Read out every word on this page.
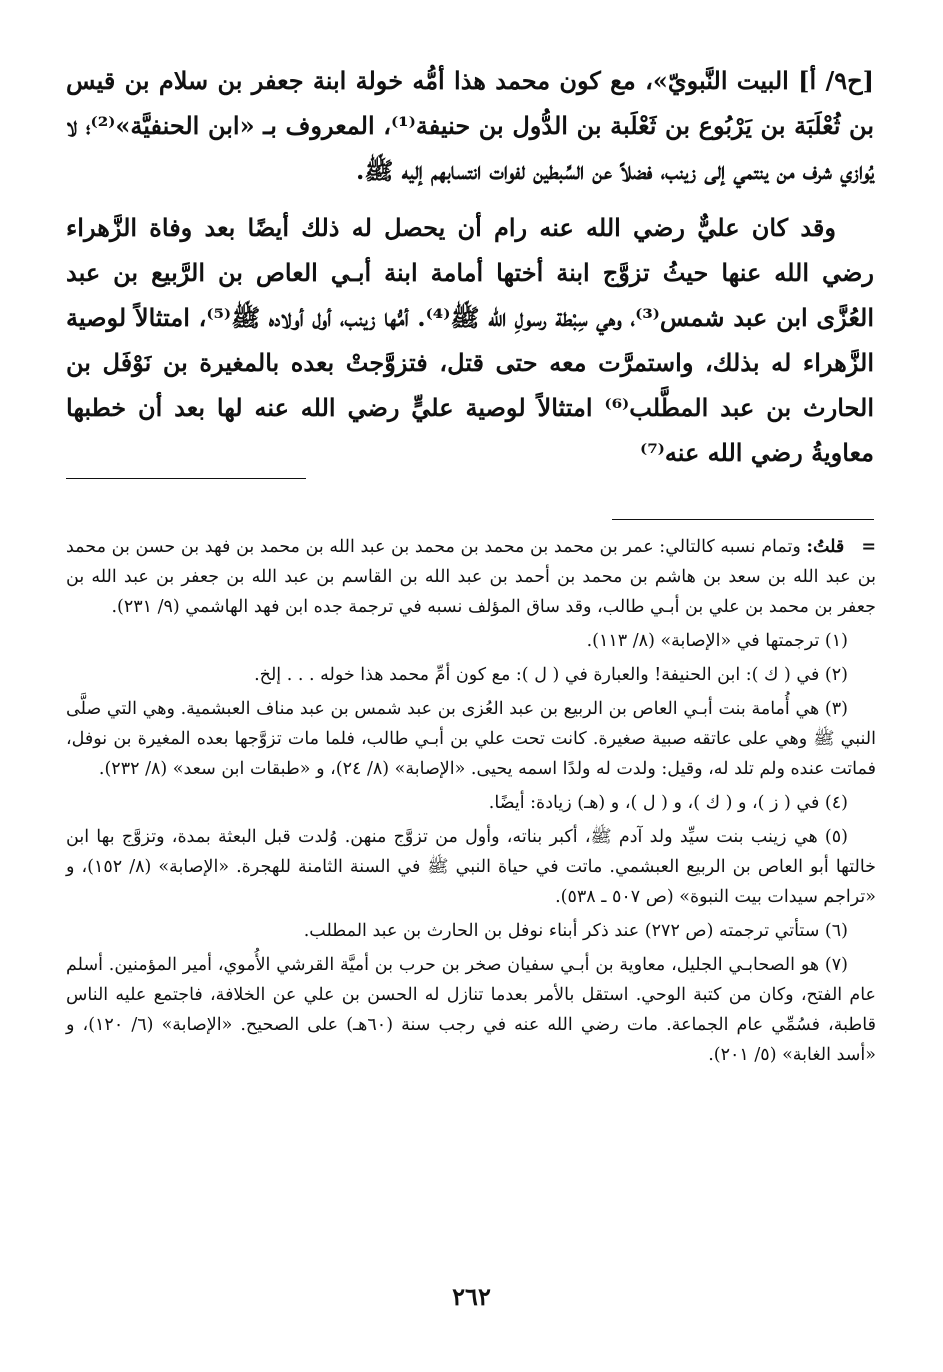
[ح٩/ أ] البيت النَّبويّ»، مع كون محمد هذا أمُّه خولة ابنة جعفر بن سلام بن قيس بن ثُعْلَبَة بن يَرْبُوع بن ثَعْلَبة بن الدُّول بن حنيفة⁽¹⁾، المعروف بـ «ابن الحنفيَّة»⁽²⁾؛ لا يُوازي شرف من ينتمي إلى زينب، فضلاً عن السِّبطين لفوات انتسابهم إليه ﷺ.

وقد كان عليٌّ رضي الله عنه رام أن يحصل له ذلك أيضًا بعد وفاة الزَّهراء رضي الله عنها حيثُ تزوَّج ابنة أختها أمامة ابنة أبـي العاص بن الرَّبيع بن عبد العُزَّى ابن عبد شمس⁽³⁾، وهي سِبْطة رسولِ الله ﷺ⁽⁴⁾. أمُّها زينب، أول أولاده ﷺ⁽⁵⁾، امتثالاً لوصية الزَّهراء له بذلك، واستمرَّت معه حتى قتل، فتزوَّجتْ بعده بالمغيرة بن نَوْفَل بن الحارث بن عبد المطَّلب⁽⁶⁾ امتثالاً لوصية عليٍّ رضي الله عنه لها بعد أن خطبها معاويةُ رضي الله عنه⁽⁷⁾

=   قلتُ: وتمام نسبه كالتالي: عمر بن محمد بن محمد بن محمد بن عبد الله بن محمد بن فهد بن حسن بن محمد بن عبد الله بن سعد بن هاشم بن محمد بن أحمد بن عبد الله بن القاسم بن عبد الله بن جعفر بن عبد الله بن جعفر بن محمد بن علي بن أبـي طالب، وقد ساق المؤلف نسبه في ترجمة جده ابن فهد الهاشمي (٩/ ٢٣١).

(١) ترجمتها في «الإصابة» (٨/ ١١٣).

(٢) في ( ك ): ابن الحنيفة! والعبارة في ( ل ): مع كون أمِّ محمد هذا خوله . . . إلخ.

(٣) هي أُمامة بنت أبـي العاص بن الربيع بن عبد العُزى بن عبد شمس بن عبد مناف العبشمية. وهي التي صلَّى النبي ﷺ وهي على عاتقه صبية صغيرة. كانت تحت علي بن أبـي طالب، فلما مات تزوَّجها بعده المغيرة بن نوفل، فماتت عنده ولم تلد له، وقيل: ولدت له ولدًا اسمه يحيى. «الإصابة» (٨/ ٢٤)، و «طبقات ابن سعد» (٨/ ٢٣٢).

(٤) في ( ز )، و ( ك )، و ( ل )، و (هـ) زيادة: أيضًا.

(٥) هي زينب بنت سيِّد ولد آدم ﷺ، أكبر بناته، وأول من تزوَّج منهن. وُلدت قبل البعثة بمدة، وتزوَّج بها ابن خالتها أبو العاص بن الربيع العبشمي. ماتت في حياة النبي ﷺ في السنة الثامنة للهجرة. «الإصابة» (٨/ ١٥٢)، و «تراجم سيدات بيت النبوة» (ص ٥٠٧ ـ ٥٣٨).

(٦) ستأتي ترجمته (ص ٢٧٢) عند ذكر أبناء نوفل بن الحارث بن عبد المطلب.

(٧) هو الصحابـي الجليل، معاوية بن أبـي سفيان صخر بن حرب بن أميَّة القرشي الأُموي، أمير المؤمنين. أسلم عام الفتح، وكان من كتبة الوحي. استقل بالأمر بعدما تنازل له الحسن بن علي عن الخلافة، فاجتمع عليه الناس قاطبة، فسُمِّي عام الجماعة. مات رضي الله عنه في رجب سنة (٦٠هـ) على الصحيح. «الإصابة» (٦/ ١٢٠)، و «أسد الغابة» (٥/ ٢٠١).

٢٦٢
